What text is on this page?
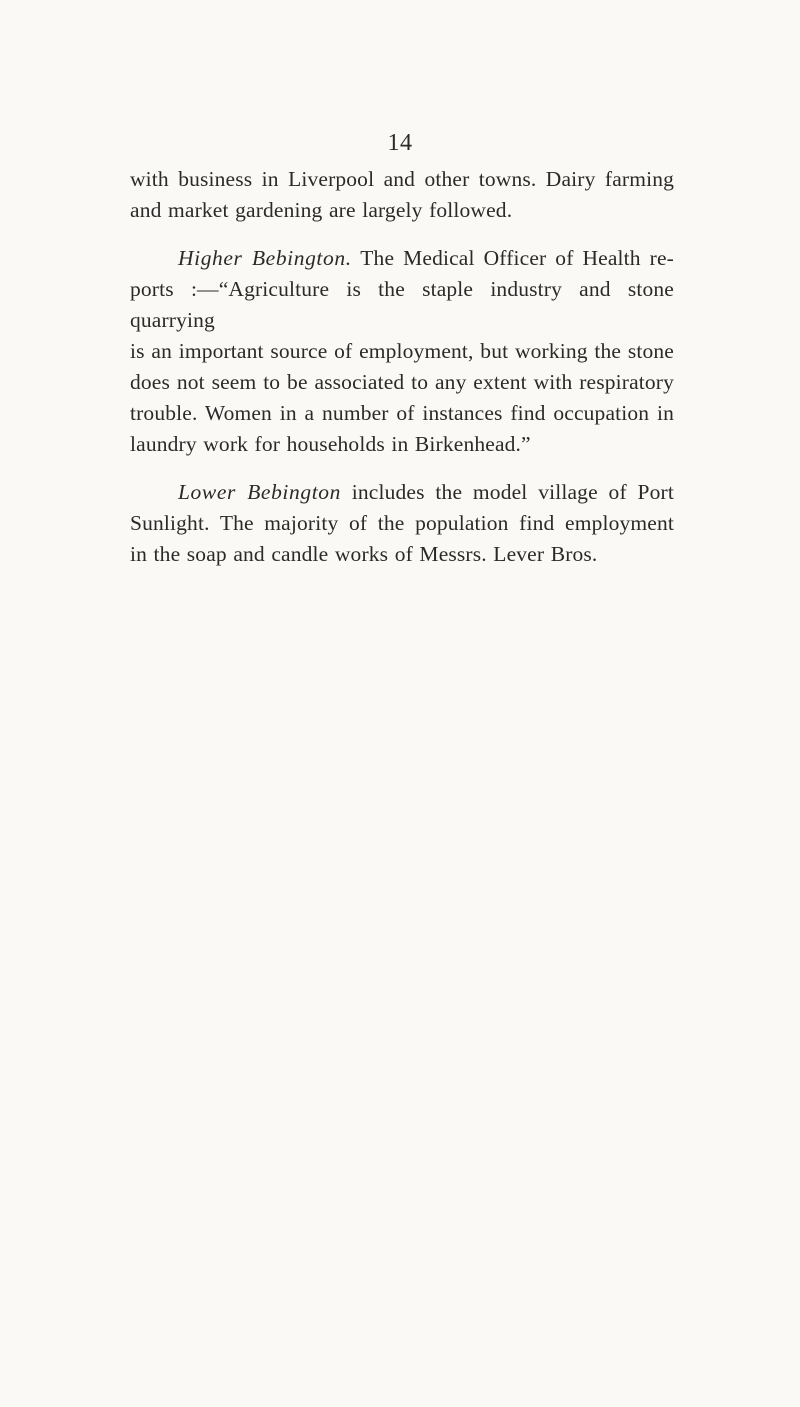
14

with business in Liverpool and other towns. Dairy farming
and market gardening are largely followed.

Higher Bebington. The Medical Officer of Health re-
ports :—“Agriculture is the staple industry and stone quarrying
is an important source of employment, but working the stone
does not seem to be associated to any extent with respiratory
trouble. Women in a number of instances find occupation in
laundry work for households in Birkenhead.”

Lower Bebington includes the model village of Port
Sunlight. The majority of the population find employment
in the soap and candle works of Messrs. Lever Bros.
